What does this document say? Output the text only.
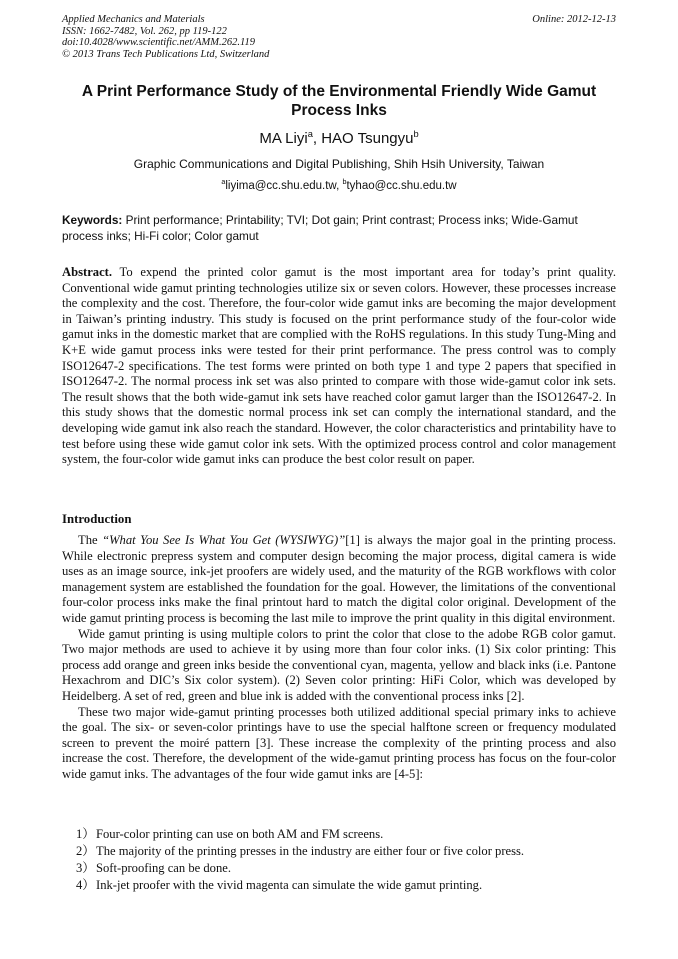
Applied Mechanics and Materials
ISSN: 1662-7482, Vol. 262, pp 119-122
doi:10.4028/www.scientific.net/AMM.262.119
© 2013 Trans Tech Publications Ltd, Switzerland
Online: 2012-12-13
A Print Performance Study of the Environmental Friendly Wide Gamut Process Inks
MA Liyi$^a$, HAO Tsungyu$^b$
Graphic Communications and Digital Publishing, Shih Hsih University, Taiwan
$^a$liyima@cc.shu.edu.tw, $^b$tyhao@cc.shu.edu.tw
Keywords: Print performance; Printability; TVI; Dot gain; Print contrast; Process inks; Wide-Gamut process inks; Hi-Fi color; Color gamut
Abstract. To expend the printed color gamut is the most important area for today’s print quality. Conventional wide gamut printing technologies utilize six or seven colors. However, these processes increase the complexity and the cost. Therefore, the four-color wide gamut inks are becoming the major development in Taiwan’s printing industry. This study is focused on the print performance study of the four-color wide gamut inks in the domestic market that are complied with the RoHS regulations. In this study Tung-Ming and K+E wide gamut process inks were tested for their print performance. The press control was to comply ISO12647-2 specifications. The test forms were printed on both type 1 and type 2 papers that specified in ISO12647-2. The normal process ink set was also printed to compare with those wide-gamut color ink sets. The result shows that the both wide-gamut ink sets have reached color gamut larger than the ISO12647-2. In this study shows that the domestic normal process ink set can comply the international standard, and the developing wide gamut ink also reach the standard. However, the color characteristics and printability have to test before using these wide gamut color ink sets. With the optimized process control and color management system, the four-color wide gamut inks can produce the best color result on paper.
Introduction

The “What You See Is What You Get (WYSIWYG)”[1] is always the major goal in the printing process. While electronic prepress system and computer design becoming the major process, digital camera is wide uses as an image source, ink-jet proofers are widely used, and the maturity of the RGB workflows with color management system are established the foundation for the goal. However, the limitations of the conventional four-color process inks make the final printout hard to match the digital color original. Development of the wide gamut printing process is becoming the last mile to improve the print quality in this digital environment.

Wide gamut printing is using multiple colors to print the color that close to the adobe RGB color gamut. Two major methods are used to achieve it by using more than four color inks. (1) Six color printing: This process add orange and green inks beside the conventional cyan, magenta, yellow and black inks (i.e. Pantone Hexachrom and DIC’s Six color system). (2) Seven color printing: HiFi Color, which was developed by Heidelberg. A set of red, green and blue ink is added with the conventional process inks [2].

These two major wide-gamut printing processes both utilized additional special primary inks to achieve the goal. The six- or seven-color printings have to use the special halftone screen or frequency modulated screen to prevent the moiré pattern [3]. These increase the complexity of the printing process and also increase the cost. Therefore, the development of the wide-gamut printing process has focus on the four-color wide gamut inks. The advantages of the four wide gamut inks are [4-5]:

1）Four-color printing can use on both AM and FM screens.
2）The majority of the printing presses in the industry are either four or five color press.
3）Soft-proofing can be done.
4）Ink-jet proofer with the vivid magenta can simulate the wide gamut printing.
